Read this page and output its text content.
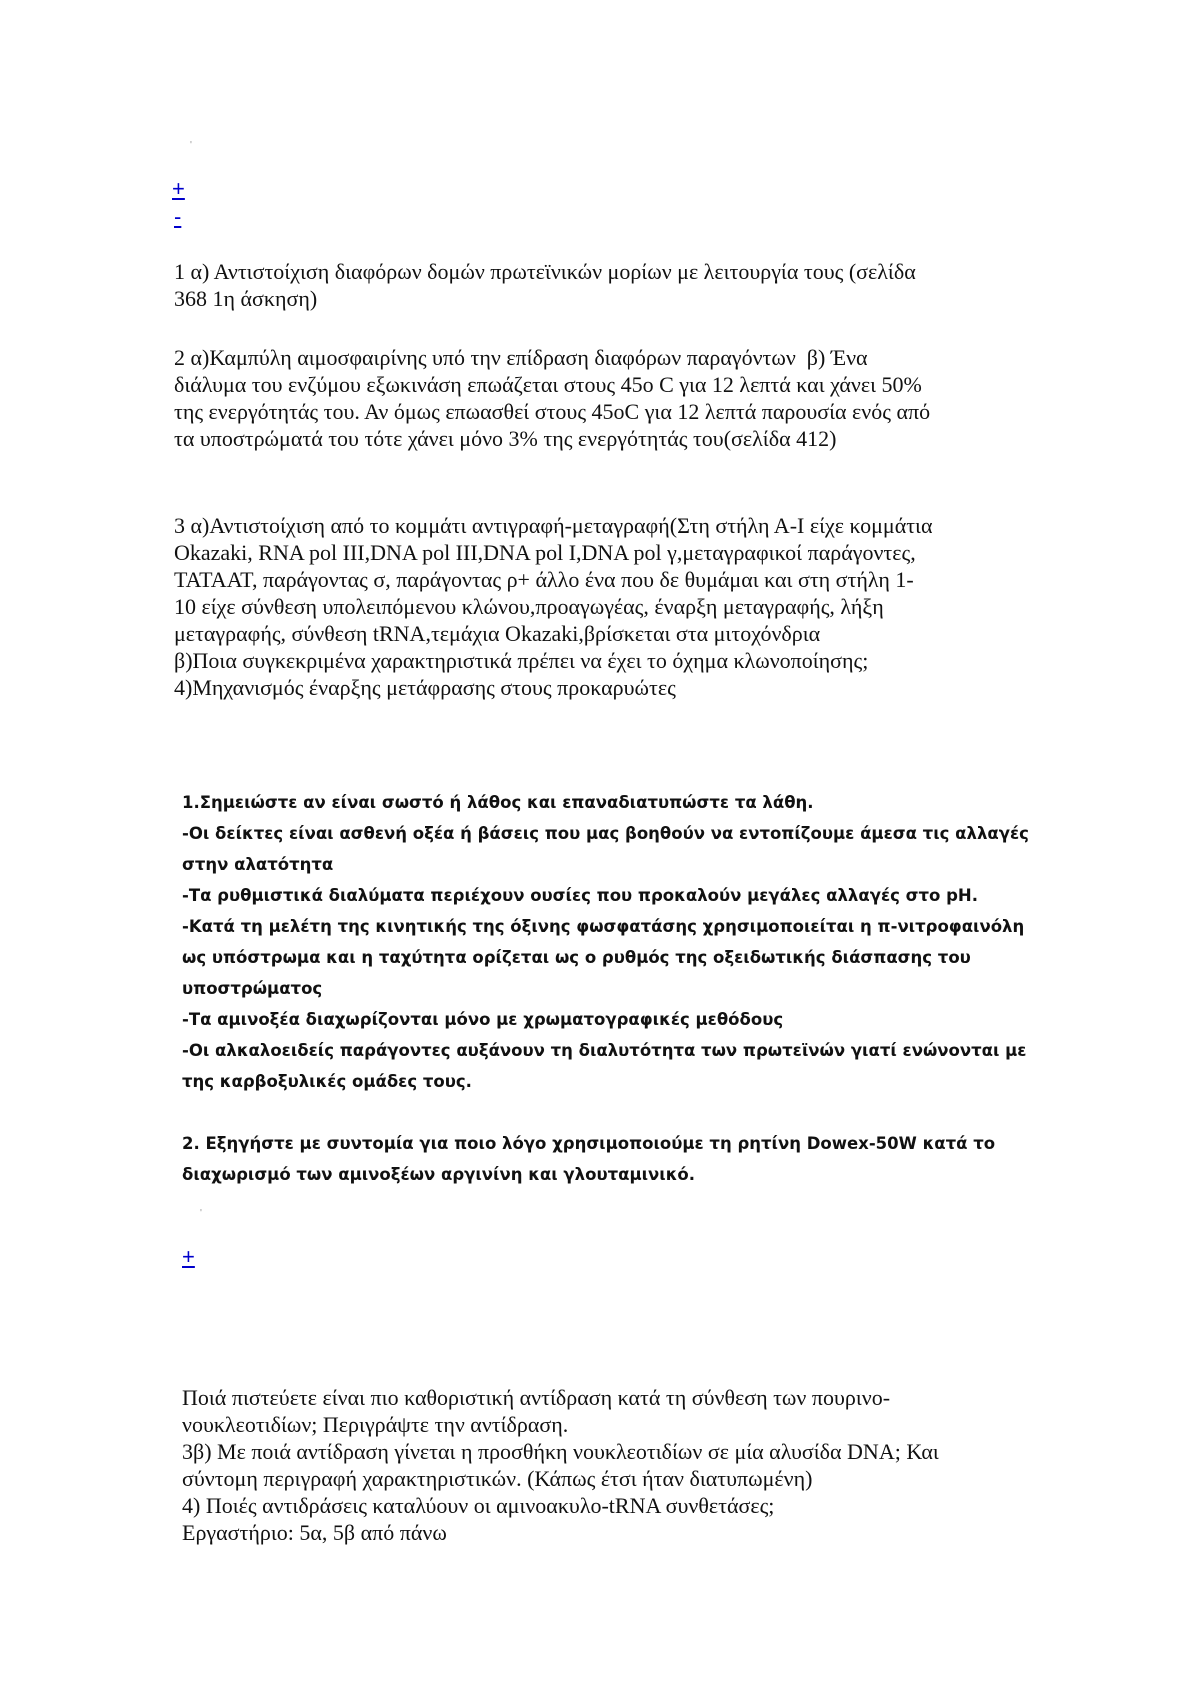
'
+
-

1 α) Αντιστοίχιση διαφόρων δομών πρωτεϊνικών μορίων με λειτουργία τους (σελίδα
368 1η άσκηση)

2 α)Καμπύλη αιμοσφαιρίνης υπό την επίδραση διαφόρων παραγόντων  β) Ένα
διάλυμα του ενζύμου εξωκινάση επωάζεται στους 45ο C για 12 λεπτά και χάνει 50%
της ενεργότητάς του. Αν όμως επωασθεί στους 45οC για 12 λεπτά παρουσία ενός από
τα υποστρώματά του τότε χάνει μόνο 3% της ενεργότητάς του(σελίδα 412)

3 α)Αντιστοίχιση από το κομμάτι αντιγραφή-μεταγραφή(Στη στήλη Α-Ι είχε κομμάτια
Okazaki, RNA pol III,DNA pol III,DNA pol I,DNA pol γ,μεταγραφικοί παράγοντες,
TATAAT, παράγοντας σ, παράγοντας ρ+ άλλο ένα που δε θυμάμαι και στη στήλη 1-
10 είχε σύνθεση υπολειπόμενου κλώνου,προαγωγέας, έναρξη μεταγραφής, λήξη
μεταγραφής, σύνθεση tRNA,τεμάχια Okazaki,βρίσκεται στα μιτοχόνδρια
β)Ποια συγκεκριμένα χαρακτηριστικά πρέπει να έχει το όχημα κλωνοποίησης;
4)Μηχανισμός έναρξης μετάφρασης στους προκαρυώτες

1.Σημειώστε αν είναι σωστό ή λάθος και επαναδιατυπώστε τα λάθη.

-Οι δείκτες είναι ασθενή οξέα ή βάσεις που μας βοηθούν να εντοπίζουμε άμεσα τις αλλαγές

στην αλατότητα

-Τα ρυθμιστικά διαλύματα περιέχουν ουσίες που προκαλούν μεγάλες αλλαγές στο pH.

-Κατά τη μελέτη της κινητικής της όξινης φωσφατάσης χρησιμοποιείται η π-νιτροφαινόλη

ως υπόστρωμα και η ταχύτητα ορίζεται ως ο ρυθμός της οξειδωτικής διάσπασης του

υποστρώματος

-Τα αμινοξέα διαχωρίζονται μόνο με χρωματογραφικές μεθόδους

-Οι αλκαλοειδείς παράγοντες αυξάνουν τη διαλυτότητα των πρωτεϊνών γιατί ενώνονται με

της καρβοξυλικές ομάδες τους.

2. Εξηγήστε με συντομία για ποιο λόγο χρησιμοποιούμε τη ρητίνη Dowex-50W κατά το

διαχωρισμό των αμινοξέων αργινίνη και γλουταμινικό.

'
+

Ποιά πιστεύετε είναι πιο καθοριστική αντίδραση κατά τη σύνθεση των πουρινο-

νουκλεοτιδίων; Περιγράψτε την αντίδραση.

3β) Με ποιά αντίδραση γίνεται η προσθήκη νουκλεοτιδίων σε μία αλυσίδα DNA; Και

σύντομη περιγραφή χαρακτηριστικών. (Κάπως έτσι ήταν διατυπωμένη)

4) Ποιές αντιδράσεις καταλύουν οι αμινοακυλο-tRNA συνθετάσες;

Εργαστήριο: 5α, 5β από πάνω
